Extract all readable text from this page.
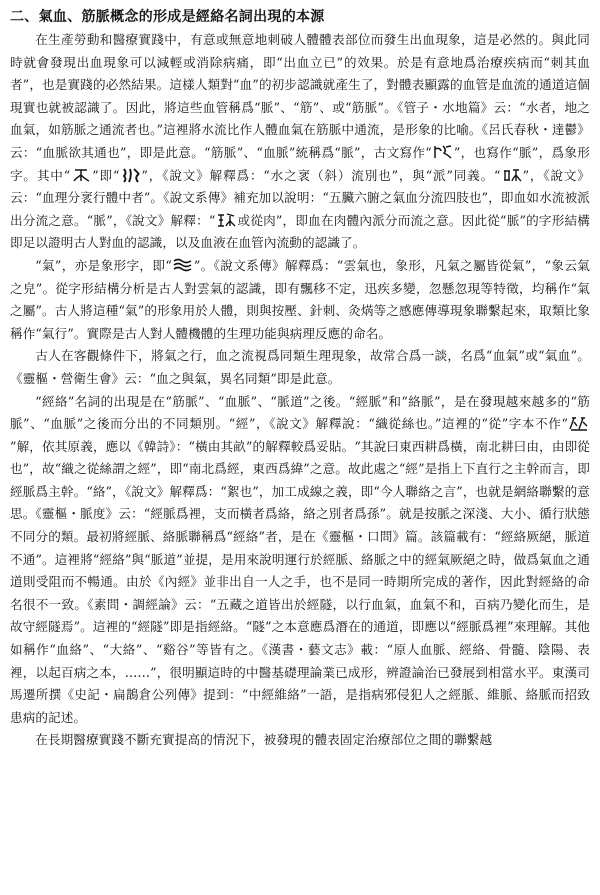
二、氣血、筋脈概念的形成是經絡名詞出現的本源

在生產勞動和醫療實踐中，有意或無意地刺破人體體表部位而發生出血現象，這是必然的。與此同時就會發現出血現象可以減輕或消除病痛，即“出血立已”的效果。於是有意地爲治療疾病而“刺其血者”，也是實踐的必然結果。這樣人類對“血”的初步認識就產生了，對體表顯露的血管是血流的通道這個現實也就被認識了。因此，將這些血管稱爲“脈”、“筋”、或“筋脈”。《管子・水地篇》云：“水者，地之血氣，如筋脈之通流者也。”這裡將水流比作人體血氣在筋脈中通流，是形象的比喻。《呂氏春秋・達鬱》云：“血脈欲其通也”，即是此意。“筋脈”、“血脈”統稱爲“脈”，古文寫作“ ”，也寫作“脈”，爲象形字。其中“ ”即“ ”，《說文》解釋爲：“水之衺（斜）流別也”，與“派”同義。“ ”，《說文》云：“血理分衺行體中者”。《說文系傳》補充加以說明：“五臟六腑之氣血分流四肢也”，即血如水流被派出分流之意。“脈”，《說文》解釋：“ 或從肉”，即血在肉體內派分而流之意。因此從“脈”的字形結構即足以證明古人對血的認識，以及血液在血管內流動的認識了。

“氣”，亦是象形字，即“ ”。《說文系傳》解釋爲：“雲氣也，象形，凡氣之屬皆從氣”，“象云氣之皃”。從字形結構分析是古人對雲氣的認識，即有飄移不定，迅疾多變，忽懸忽現等特徵，均稱作“氣之屬”。古人將這種“氣”的形象用於人體，則與按壓、針刺、灸焫等之感應傳導現象聯繫起來，取類比象稱作“氣行”。實際是古人對人體機體的生理功能與病理反應的命名。

古人在客觀條件下，將氣之行，血之流視爲同類生理現象，故常合爲一談，名爲“血氣”或“氣血”。《靈樞・營衛生會》云：“血之與氣，異名同類”即是此意。

“經絡”名詞的出現是在“筋脈”、“血脈”、“脈道”之後。“經脈”和“絡脈”，是在發現越來越多的“筋脈”、“血脈”之後而分出的不同類別。“經”，《說文》解釋說：“織從絲也。”這裡的“從”字本不作“
”解，依其原義，應以《韓詩》：“橫由其畝”的解釋較爲妥貼。“其說曰東西耕爲橫，南北耕曰由，由即從也”，故“織之從絲謂之經”，即“南北爲經，東西爲緯”之意。故此處之“經”是指上下直行之主幹而言，即經脈爲主幹。“絡”，《說文》解釋爲：“絮也”，加工成線之義，即“今人聯絡之言”，也就是網絡聯繫的意思。《靈樞・脈度》云：“經脈爲裡，支而橫者爲絡，絡之別者爲孫”。就是按脈之深淺、大小、循行狀態不同分的類。最初將經脈、絡脈聯稱爲“經絡”者，是在《靈樞・口問》篇。該篇載有：“經絡厥絕，脈道不通”。這裡將“經絡”與“脈道”並提，是用來說明運行於經脈、絡脈之中的經氣厥絕之時，做爲氣血之通道則受阻而不暢通。由於《內經》並非出自一人之手，也不是同一時期所完成的著作，因此對經絡的命名很不一致。《素問・調經論》云：“五藏之道皆出於經隧，以行血氣，血氣不和，百病乃變化而生，是故守經隧焉”。這裡的“經隧”即是指經絡。“隧”之本意應爲潛在的通道，即應以“經脈爲裡”來理解。其他如稱作“血絡”、“大絡”、“谿谷”等皆有之。《漢書・藝文志》載：“原人血脈、經絡、骨髓、陰陽、表裡，以起百病之本，……”，很明顯這時的中醫基礎理論業已成形，辨證論治已發展到相當水平。東漢司馬遷所撰《史記・扁鵲倉公列傳》提到：“中經維絡”一語，是指病邪侵犯人之經脈、維脈、絡脈而招致患病的記述。

在長期醫療實踐不斷充實提高的情況下，被發現的體表固定治療部位之間的聯繫越
